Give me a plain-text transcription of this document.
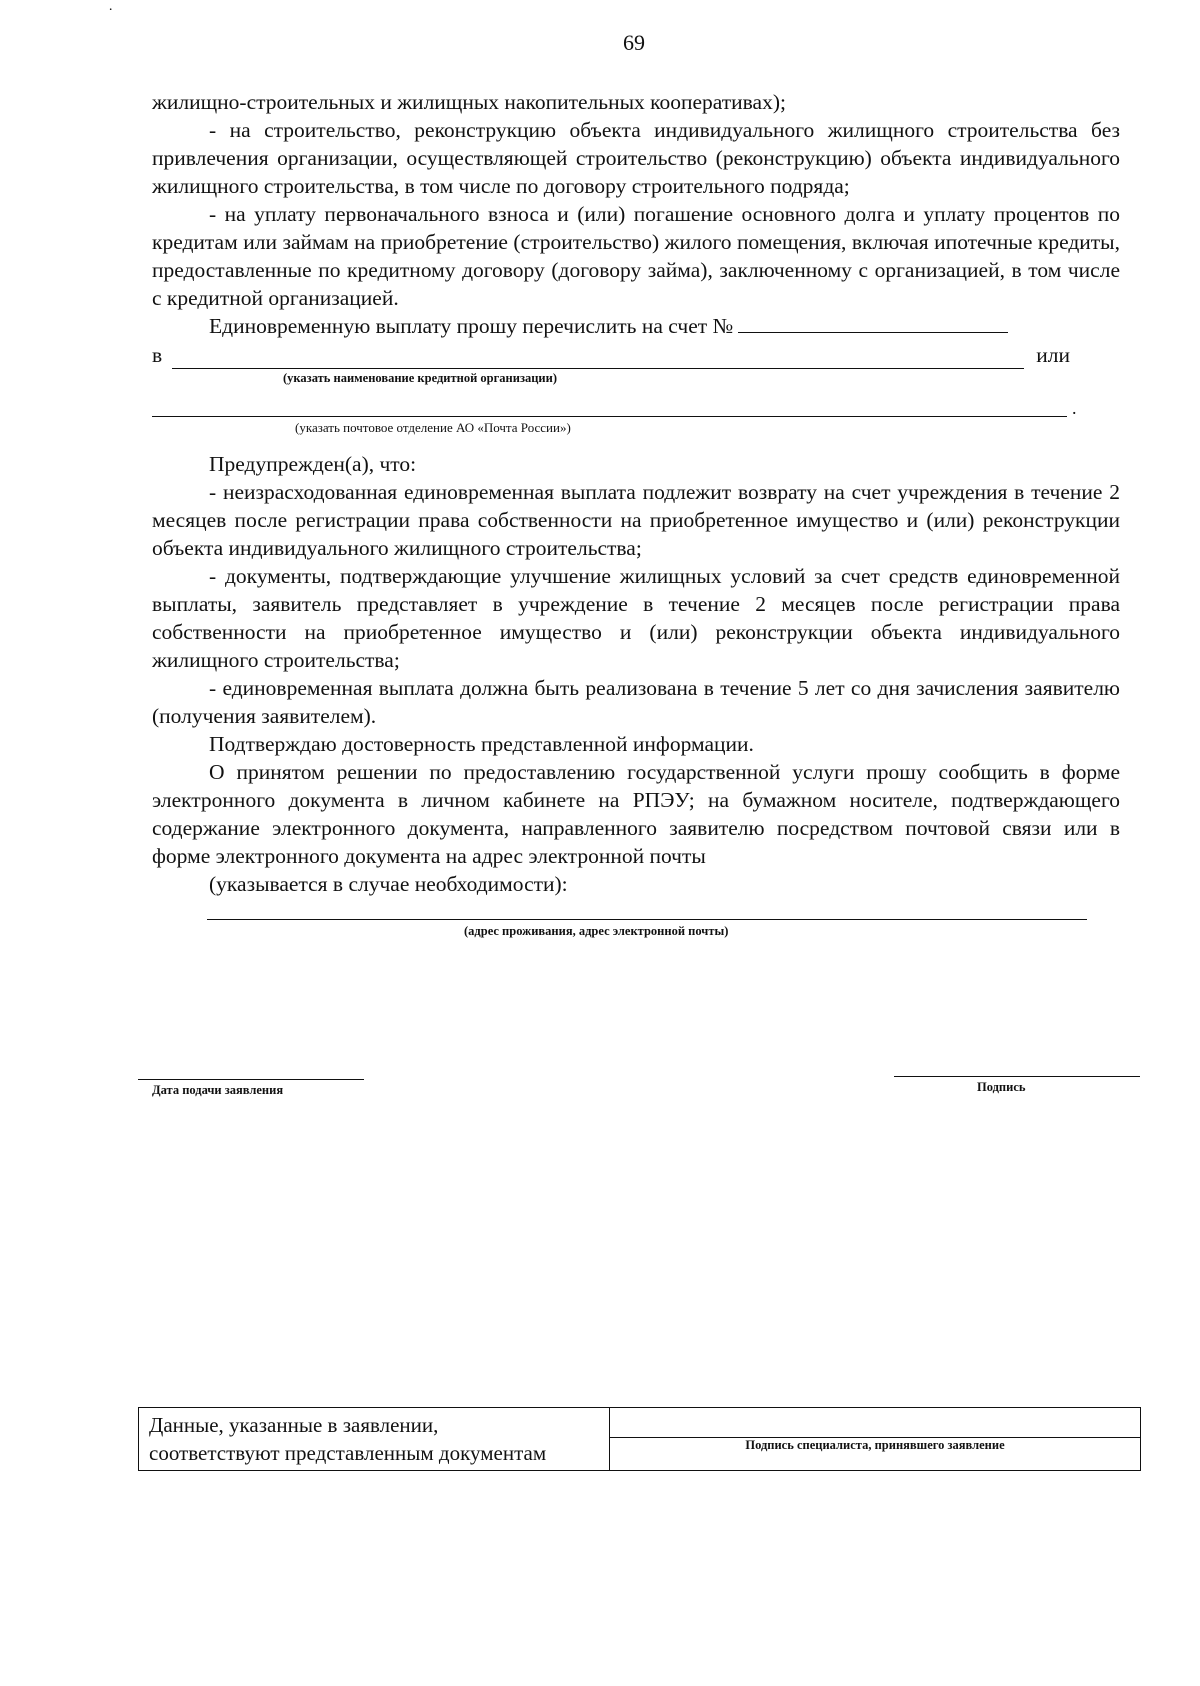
˙
69

жилищно-строительных и жилищных накопительных кооперативах);

- на строительство, реконструкцию объекта индивидуального жилищного строительства без привлечения организации, осуществляющей строительство (реконструкцию) объекта индивидуального жилищного строительства, в том числе по договору строительного подряда;

- на уплату первоначального взноса и (или) погашение основного долга и уплату процентов по кредитам или займам на приобретение (строительство) жилого помещения, включая ипотечные кредиты, предоставленные по кредитному договору (договору займа), заключенному с организацией, в том числе с кредитной организацией.

Единовременную выплату прошу перечислить на счет №

в	или
(указать наименование кредитной организации)
.
(указать почтовое отделение АО «Почта России»)

Предупрежден(а), что:

- неизрасходованная единовременная выплата подлежит возврату на счет учреждения в течение 2 месяцев после регистрации права собственности на приобретенное имущество и (или) реконструкции объекта индивидуального жилищного строительства;

- документы, подтверждающие улучшение жилищных условий за счет средств единовременной выплаты, заявитель представляет в учреждение в течение 2 месяцев после регистрации права собственности на приобретенное имущество и (или) реконструкции объекта индивидуального жилищного строительства;

- единовременная выплата должна быть реализована в течение 5 лет со дня зачисления заявителю (получения заявителем).

Подтверждаю достоверность представленной информации.

О принятом решении по предоставлению государственной услуги прошу сообщить в форме электронного документа в личном кабинете на РПЭУ; на бумажном носителе, подтверждающего содержание электронного документа, направленного заявителю посредством почтовой связи или в форме электронного документа на адрес электронной почты

(указывается в случае необходимости):

(адрес проживания, адрес электронной почты)
Дата подачи заявления	Подпись
Данные, указанные в заявлении,
соответствуют представленным документам

Подпись специалиста, принявшего заявление
